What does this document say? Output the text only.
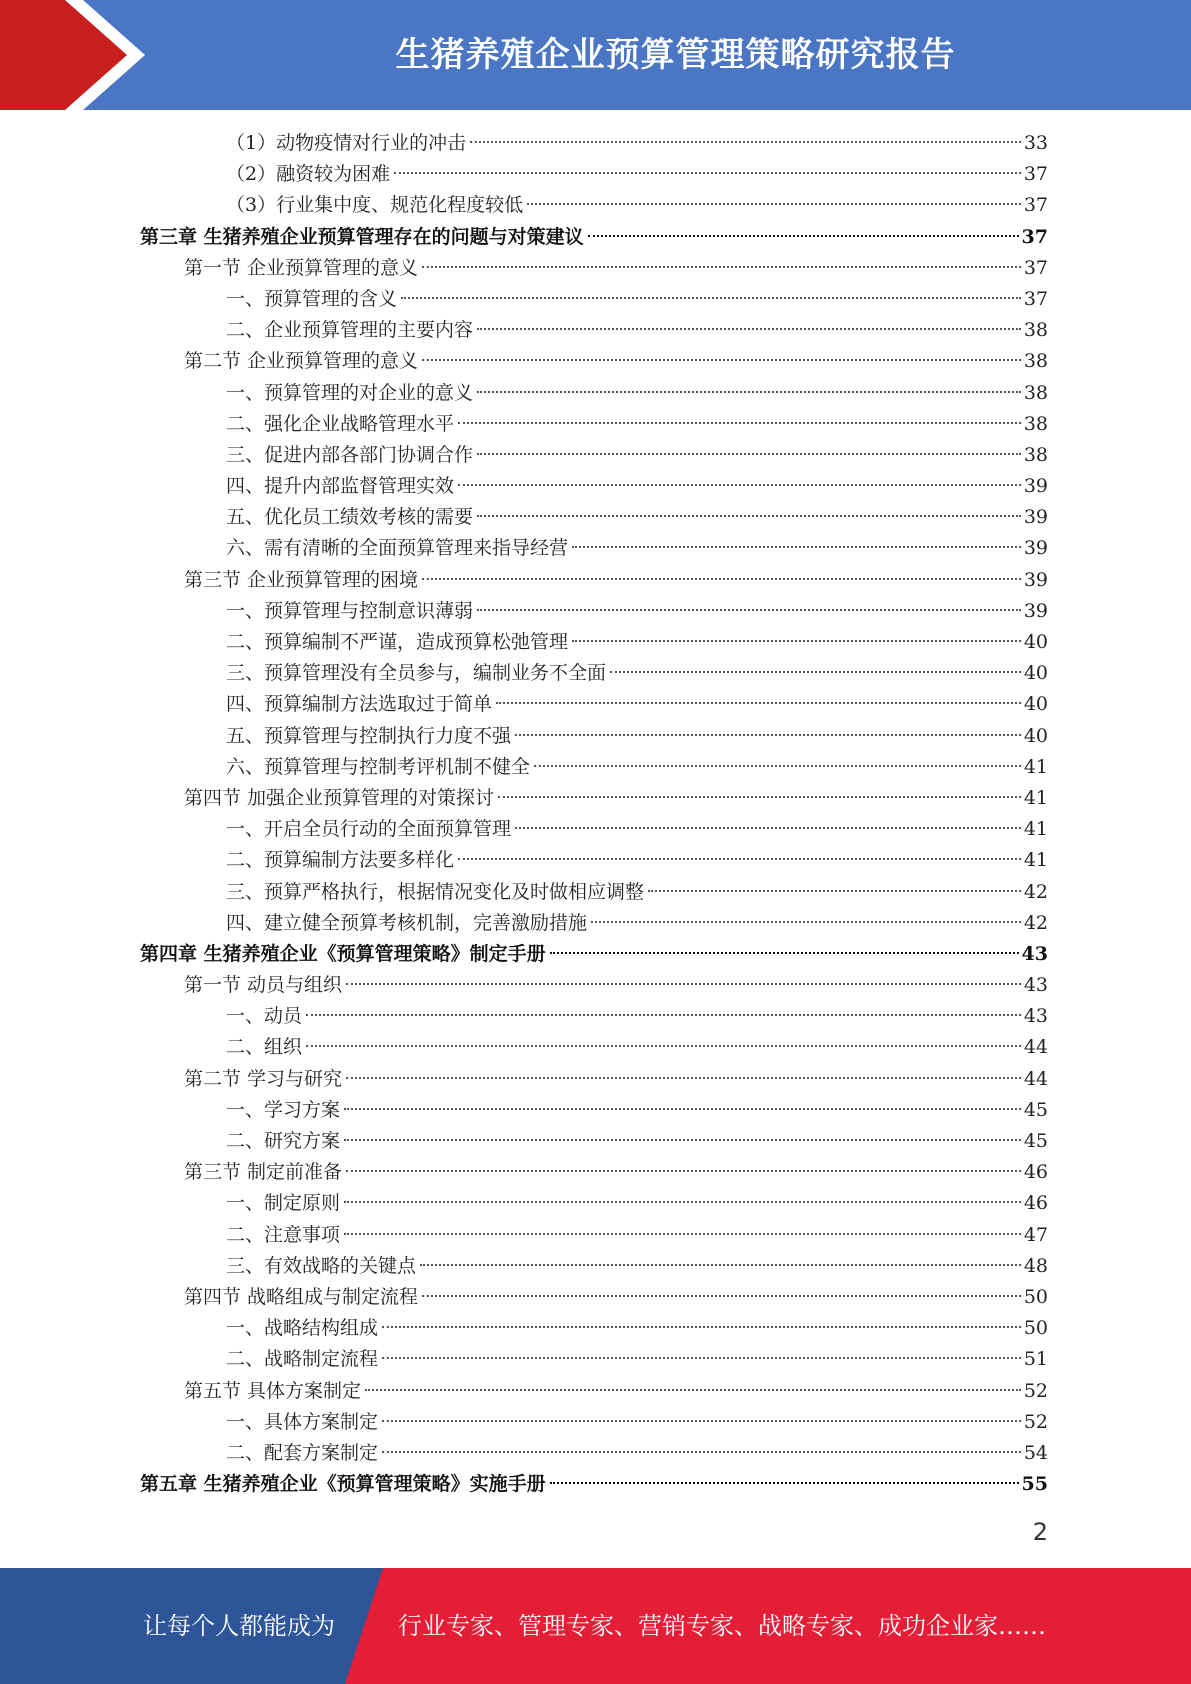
生猪养殖企业预算管理策略研究报告
（1）动物疫情对行业的冲击	33
（2）融资较为困难	37
（3）行业集中度、规范化程度较低	37
第三章 生猪养殖企业预算管理存在的问题与对策建议	37
第一节 企业预算管理的意义	37
一、预算管理的含义	37
二、企业预算管理的主要内容	38
第二节 企业预算管理的意义	38
一、预算管理的对企业的意义	38
二、强化企业战略管理水平	38
三、促进内部各部门协调合作	38
四、提升内部监督管理实效	39
五、优化员工绩效考核的需要	39
六、需有清晰的全面预算管理来指导经营	39
第三节 企业预算管理的困境	39
一、预算管理与控制意识薄弱	39
二、预算编制不严谨，造成预算松弛管理	40
三、预算管理没有全员参与，编制业务不全面	40
四、预算编制方法选取过于简单	40
五、预算管理与控制执行力度不强	40
六、预算管理与控制考评机制不健全	41
第四节 加强企业预算管理的对策探讨	41
一、开启全员行动的全面预算管理	41
二、预算编制方法要多样化	41
三、预算严格执行，根据情况变化及时做相应调整	42
四、建立健全预算考核机制，完善激励措施	42
第四章 生猪养殖企业《预算管理策略》制定手册	43
第一节 动员与组织	43
一、动员	43
二、组织	44
第二节 学习与研究	44
一、学习方案	45
二、研究方案	45
第三节 制定前准备	46
一、制定原则	46
二、注意事项	47
三、有效战略的关键点	48
第四节 战略组成与制定流程	50
一、战略结构组成	50
二、战略制定流程	51
第五节 具体方案制定	52
一、具体方案制定	52
二、配套方案制定	54
第五章 生猪养殖企业《预算管理策略》实施手册	55
2
让每个人都能成为	行业专家、管理专家、营销专家、战略专家、成功企业家……
